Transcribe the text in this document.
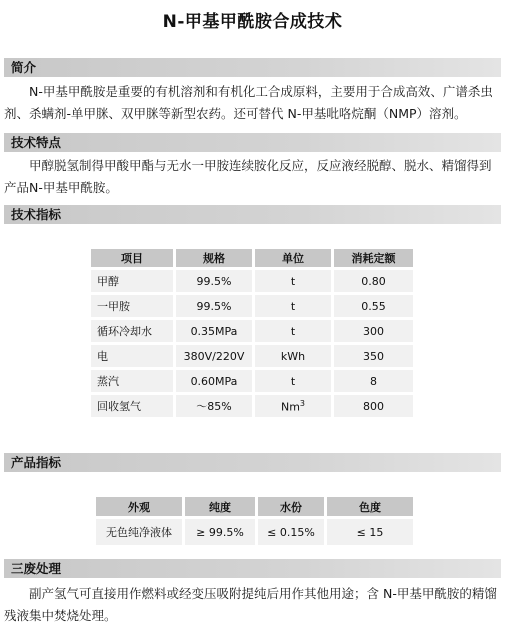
N-甲基甲酰胺合成技术
简介
N-甲基甲酰胺是重要的有机溶剂和有机化工合成原料，主要用于合成高效、广谱杀虫剂、杀螨剂-单甲脒、双甲脒等新型农药。还可替代 N-甲基吡咯烷酮（NMP）溶剂。
技术特点
甲醇脱氢制得甲酸甲酯与无水一甲胺连续胺化反应，反应液经脱醇、脱水、精馏得到产品N-甲基甲酰胺。
技术指标
项目	规格	单位	消耗定额
甲醇	99.5%	t	0.80
一甲胺	99.5%	t	0.55
循环冷却水	0.35MPa	t	300
电	380V/220V	kWh	350
蒸汽	0.60MPa	t	8
回收氢气	～85%	Nm$^3$	800
产品指标
外观	纯度	水份	色度
无色纯净液体	≥ 99.5%	≤ 0.15%	≤ 15
三废处理
副产氢气可直接用作燃料或经变压吸附提纯后用作其他用途；含 N-甲基甲酰胺的精馏残液集中焚烧处理。
